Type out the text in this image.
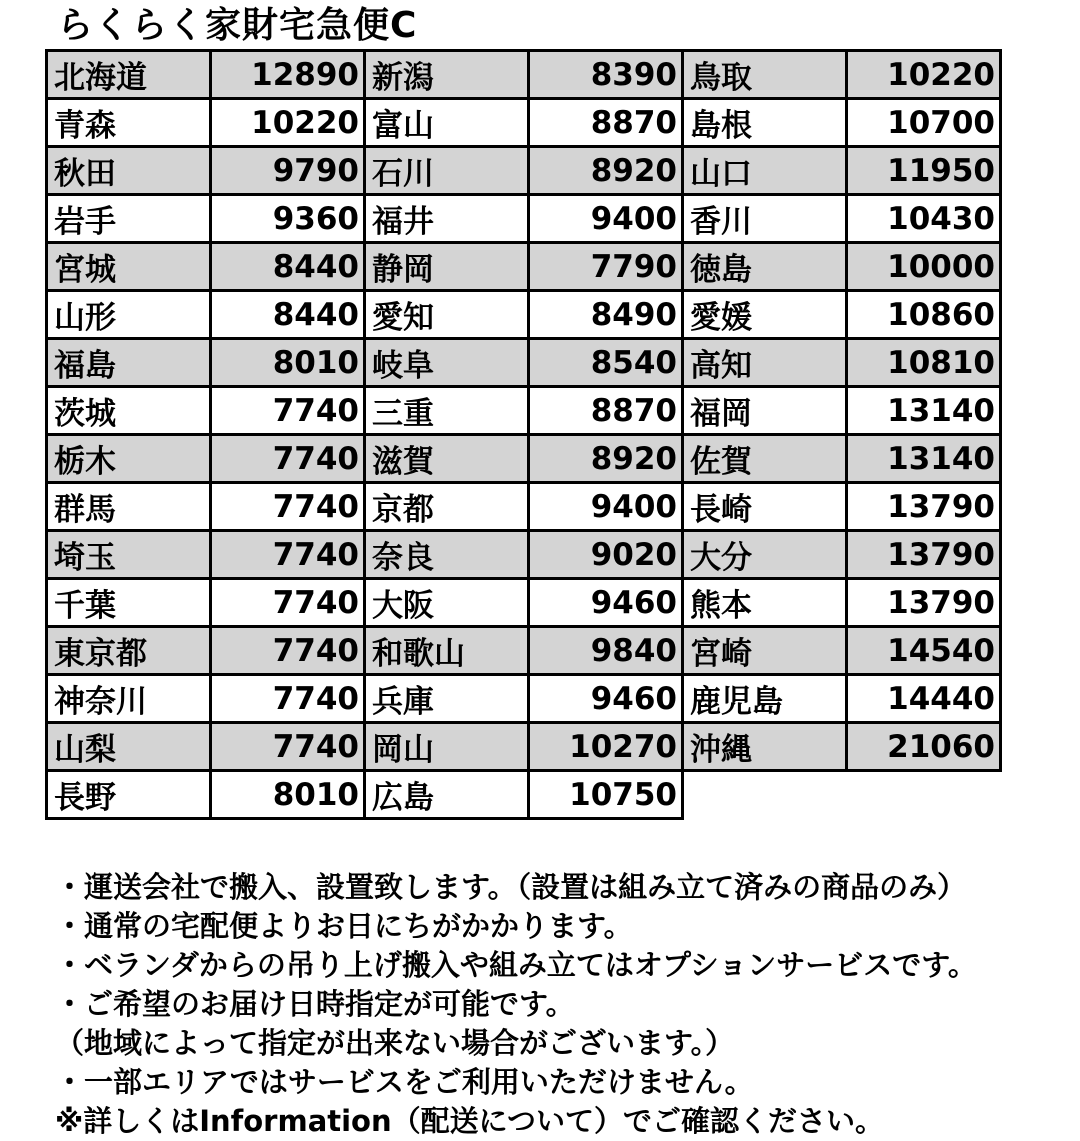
らくらく家財宅急便C
北海道	12890	新潟	8390	鳥取	10220
青森	10220	富山	8870	島根	10700
秋田	9790	石川	8920	山口	11950
岩手	9360	福井	9400	香川	10430
宮城	8440	静岡	7790	徳島	10000
山形	8440	愛知	8490	愛媛	10860
福島	8010	岐阜	8540	高知	10810
茨城	7740	三重	8870	福岡	13140
栃木	7740	滋賀	8920	佐賀	13140
群馬	7740	京都	9400	長崎	13790
埼玉	7740	奈良	9020	大分	13790
千葉	7740	大阪	9460	熊本	13790
東京都	7740	和歌山	9840	宮崎	14540
神奈川	7740	兵庫	9460	鹿児島	14440
山梨	7740	岡山	10270	沖縄	21060
長野	8010	広島	10750		
・運送会社で搬入、設置致します。（設置は組み立て済みの商品のみ）
・通常の宅配便よりお日にちがかかります。
・ベランダからの吊り上げ搬入や組み立てはオプションサービスです。
・ご希望のお届け日時指定が可能です。
（地域によって指定が出来ない場合がございます。）
・一部エリアではサービスをご利用いただけません。
※詳しくはInformation（配送について）でご確認ください。
